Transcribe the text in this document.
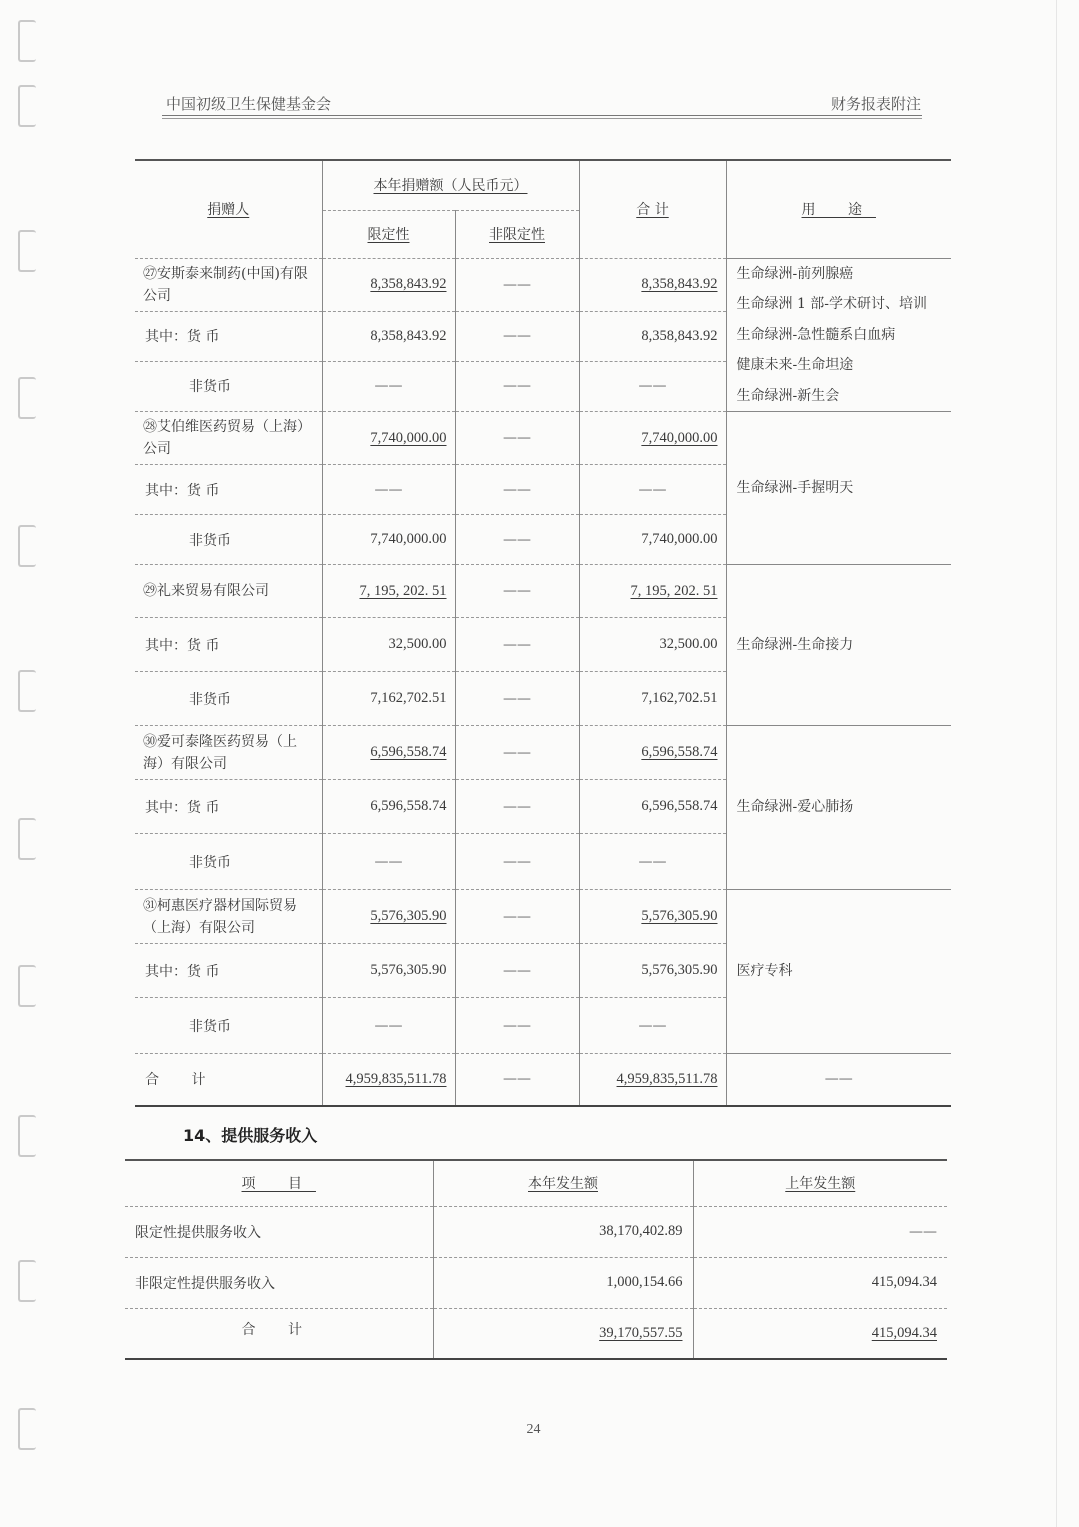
中国初级卫生保健基金会	财务报表附注
捐赠人	本年捐赠额（人民币元）		合 计	用 途
	限定性	非限定性		
㉗安斯泰来制药(中国)有限公司	8,358,843.92	——	8,358,843.92	生命绿洲-前列腺癌
生命绿洲 1 部-学术研讨、培训
生命绿洲-急性髓系白血病
健康未来-生命坦途
生命绿洲-新生会

其中：货 币	8,358,843.92	——	8,358,843.92	
非货币	——	——	——	
㉘艾伯维医药贸易（上海）公司	7,740,000.00	——	7,740,000.00	生命绿洲-手握明天
其中：货 币	——	——	——	
非货币	7,740,000.00	——	7,740,000.00	
㉙礼来贸易有限公司	7, 195, 202. 51	——	7, 195, 202. 51	生命绿洲-生命接力
其中：货 币	32,500.00	——	32,500.00	
非货币	7,162,702.51	——	7,162,702.51	
㉚爱可泰隆医药贸易（上海）有限公司	6,596,558.74	——	6,596,558.74	生命绿洲-爱心肺扬
其中：货 币	6,596,558.74	——	6,596,558.74	
非货币	——	——	——	
㉛柯惠医疗器材国际贸易（上海）有限公司	5,576,305.90	——	5,576,305.90	医疗专科
其中：货 币	5,576,305.90	——	5,576,305.90	
非货币	——	——	——	
合 计	4,959,835,511.78	——	4,959,835,511.78	——
14、提供服务收入
项 目	本年发生额	上年发生额
限定性提供服务收入	38,170,402.89	——
非限定性提供服务收入	1,000,154.66	415,094.34
合 计	39,170,557.55	415,094.34
24
